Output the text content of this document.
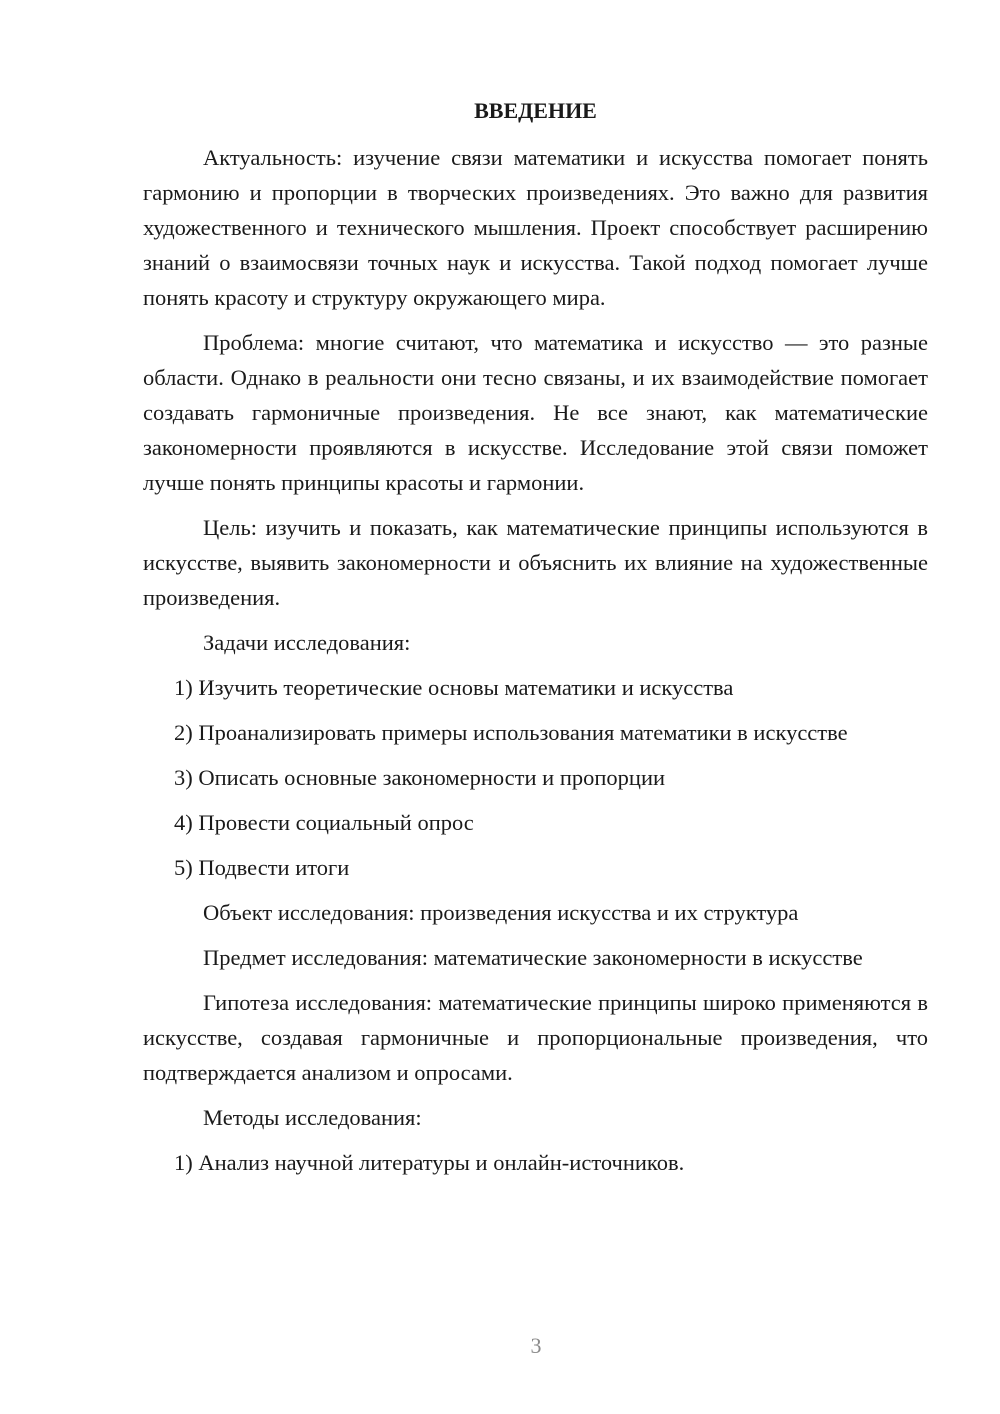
ВВЕДЕНИЕ

Актуальность: изучение связи математики и искусства помогает понять гармонию и пропорции в творческих произведениях. Это важно для развития художественного и технического мышления. Проект способствует расширению знаний о взаимосвязи точных наук и искусства. Такой подход помогает лучше понять красоту и структуру окружающего мира.

Проблема: многие считают, что математика и искусство — это разные области. Однако в реальности они тесно связаны, и их взаимодействие помогает создавать гармоничные произведения. Не все знают, как математические закономерности проявляются в искусстве. Исследование этой связи поможет лучше понять принципы красоты и гармонии.

Цель: изучить и показать, как математические принципы используются в искусстве, выявить закономерности и объяснить их влияние на художественные произведения.

Задачи исследования:
1) Изучить теоретические основы математики и искусства
2) Проанализировать примеры использования математики в искусстве
3) Описать основные закономерности и пропорции
4) Провести социальный опрос
5) Подвести итоги
Объект исследования: произведения искусства и их структура

Предмет исследования: математические закономерности в искусстве

Гипотеза исследования: математические принципы широко применяются в искусстве, создавая гармоничные и пропорциональные произведения, что подтверждается анализом и опросами.

Методы исследования:
1) Анализ научной литературы и онлайн-источников.
3
